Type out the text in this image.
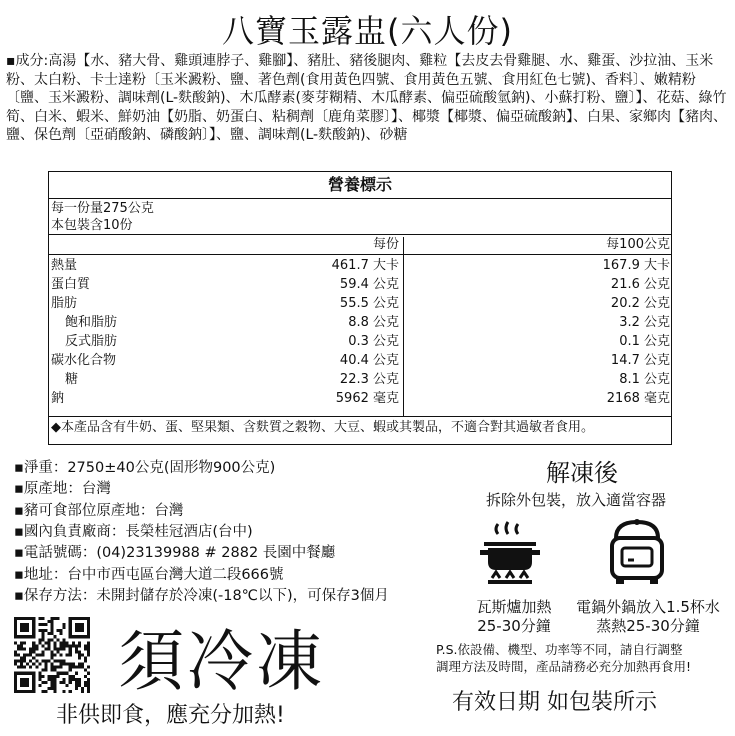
八寶玉露盅(六人份)
▪成分:高湯【水、豬大骨、雞頭連脖子、雞腳】、豬肚、豬後腿肉、雞粒【去皮去骨雞腿、水、雞蛋、沙拉油、玉米粉、太白粉、卡士達粉〔玉米澱粉、鹽、著色劑(食用黃色四號、食用黃色五號、食用紅色七號)、香料〕、嫩精粉〔鹽、玉米澱粉、調味劑(L-麩酸鈉)、木瓜酵素(麥芽糊精、木瓜酵素、偏亞硫酸氫鈉)、小蘇打粉、鹽〕】、花菇、綠竹筍、白米、蝦米、鮮奶油【奶脂、奶蛋白、粘稠劑〔鹿角菜膠〕】、椰漿【椰漿、偏亞硫酸鈉】、白果、家鄉肉【豬肉、鹽、保色劑〔亞硝酸鈉、磷酸鈉〕】、鹽、調味劑(L-麩酸鈉)、砂糖
營養標示
每一份量275公克
本包裝含10份
每份	每100公克
熱量	461.7 大卡	167.9 大卡
蛋白質	59.4 公克	21.6 公克
脂肪	55.5 公克	20.2 公克
飽和脂肪	8.8 公克	3.2 公克
反式脂肪	0.3 公克	0.1 公克
碳水化合物	40.4 公克	14.7 公克
糖	22.3 公克	8.1 公克
鈉	5962 毫克	2168 毫克
◆本產品含有牛奶、蛋、堅果類、含麩質之穀物、大豆、蝦或其製品，不適合對其過敏者食用。
▪淨重：2750±40公克(固形物900公克)
▪原產地：台灣
▪豬可食部位原產地：台灣
▪國內負責廠商：長榮桂冠酒店(台中)
▪電話號碼：(04)23139988 # 2882 長園中餐廳
▪地址：台中市西屯區台灣大道二段666號
▪保存方法：未開封儲存於冷凍(-18℃以下)，可保存3個月
解凍後
拆除外包裝，放入適當容器
瓦斯爐加熱
25-30分鐘
電鍋外鍋放入1.5杯水
蒸熱25-30分鐘
P.S.依設備、機型、功率等不同，請自行調整
調理方法及時間，產品請務必充分加熱再食用!
須冷凍
非供即食，應充分加熱!
有效日期 如包裝所示
